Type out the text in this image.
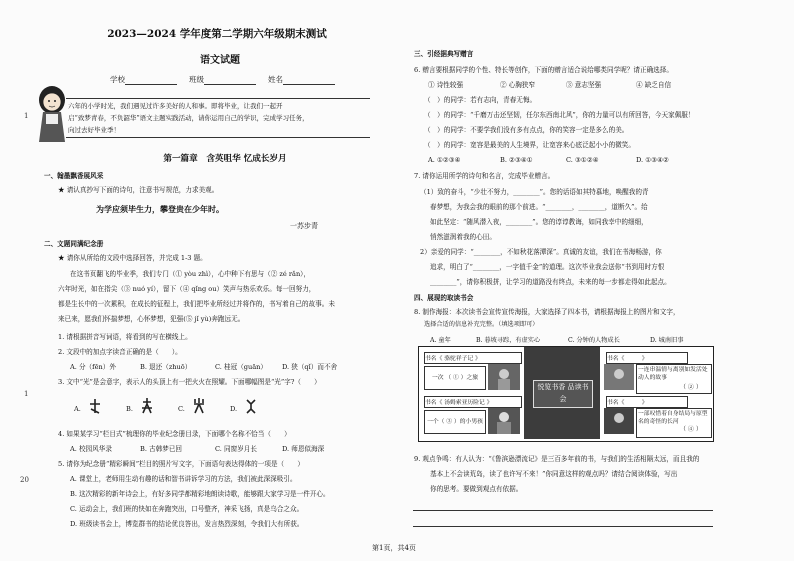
2023—2024 学年度第二学期六年级期末测试
语文试题
学校	班级	姓名
六年的小学时光，我们遇见过许多美好的人和事。即将毕业，让我们一起开
启“致梦青春，不负韶华”语文主题实践活动，请你运用自己的学识，完成学习任务，
向过去好毕业季！
第一篇章　含英咀华 忆成长岁月
一、翰墨飘香展风采
★ 请认真抄写下面的诗句，注意书写规范，力求美观。
为学应须毕生力，攀登贵在少年时。
一苏步青
二、文题同满纪念册
★ 请你从所给的文段中选择回答，并完成 1-3 题。
在这书页翻飞的毕业季，我们专门（① yòu zhì），心中种下有思与（② zé rǎn），
六年时光，如在指尖（③ nuó yí），留下（④ qǐng ou）笑声与热乐欢乐。每一回努力，
都是生长中的一次累积，在成长的征程上，我们把毕业所经过并将作的，书写着自己的故事。未
来已来，愿我们怀揣梦想，心怀梦想，犯强(⑤ jǐ yù)奔跑远无。
1. 请根据拼音写词语，将看到的写在横线上。
2. 文段中的加点字读音正确的是（　　）。
A. 分（fēn）外	B. 退还（zhuō）	C. 桂冠（guān） D. 狭（qǐ）而不舍
3. 文中“光”是会意字，表示人的头顶上有一把火火在照耀。下面哪幅图是“光”字?（　　）
A.	B.	C.	D.
4. 如果某学习“栏目式”梳理你的毕业纪念册目录，下面哪个名称不恰当（　　）
A. 校园风华录	B. 古韩梦已回	C. 同窗岁月长	D. 师恩似海深
5. 请你为纪念册“精彩瞬间”栏目的照片写文字，下面语句表达得体的一项是（　　）
A. 课堂上，老师用生动有趣的话和智书讲诉学习的方法，我们被此深深吸引。
B. 这次精彩的新年诗会上，有好多同学都精彩地朗读诗歌，能够跟大家学习是一件开心。
C. 运动会上，我们班的快如在奔跑突出，口号整齐，神采飞扬，真是乌合之众。
D. 班级读书会上，博览群书的结论优良答出，发言热烈深刻，令我们大有所获。
1
1
20
三、引经据典写赠言
6. 赠言要根据同学的个性、特长等创作，下面的赠言适合说给哪类同学呢？请正确选择。
① 诗性较强	② 心胸狭窄	③ 意志坚强	④ 缺乏自信
（　）的同学：若有志向，青春无悔。
（　）的同学：“千磨万击还坚韧，任尔东西南北风”，你的力量可以有所回答，今天家佩服！
（　）的同学：不要学我们没有多有点点，你的笑容一定是多么的美。
（　）的同学：宽容是最美的人生境界，让宽容来心底泛起小小的微笑。
A. ①②③④	B. ②③④①	C. ③①②④	D. ①③④②
7. 请你运用所学的诗句和名言，完成毕业赠言。
（1）致的奋斗，“少壮不努力，________”。您的话语如其特慕地，唤醒我的青
春梦想，为我会我的眼前的那个前进。“________，________，道断久”。给
如此坚定：“随风潜入夜，________”。您的谆谆教诲，如同我幸中的细细，
悄然滋润着我的心田。
2）亲爱的同学：“________，不如秋花落潭深”。真诚的友谊，我们在书海畅游，你
追求，明白了“________，一字值千金”的道理。这次毕业我会送你“书到用时方恨
________”，请你积极拼，让学习的道路没有终点，未来的每一步都走得如此起点。
四、展现的取读书会
8. 制作海报：本次读书会宣传宣传海报，大家选择了四本书，请根据海报上的图片和文字，
选择合适的信息补充完整。（填选项即可）
A. 童年	B. 暮坡寻踪，有虚实心	C. 分钟的人物成长	D. 城南旧事
悦览书香 品读书会
书名《 骆驼祥子记 》
一次 （ ① ）之旅
书名《　　　》
一连串温情与离别如发活处动人的故事
书名《 汤姆索亚历险记 》
一个（ ③ ）的小男孩
书名《　　　》
一部叹惜着自身结局与原型名的奇怪的长河
（ ② ）
（ ④ ）
9. 观点争鸣：有人认为：“《鲁滨逊漂流记》是三百多年前的书，与我们的生活相隔太远，而且我的
基本上不会读荒岛，读了也许写不来！”你同意这样的观点吗？请结合阅读体验，写出
你的思考。要做到观点有依据。
第1页，共4页
